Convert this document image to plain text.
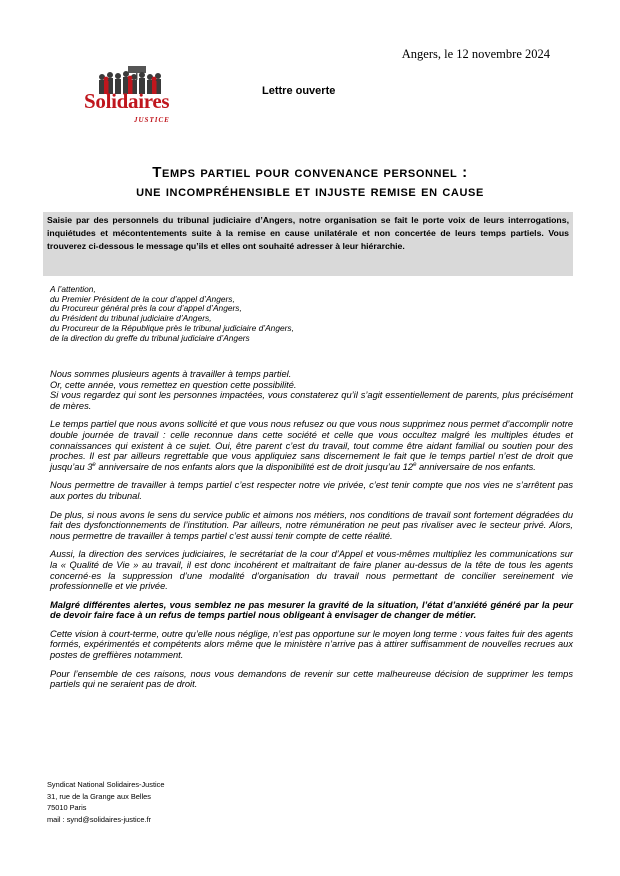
Angers, le 12 novembre 2024
Solidaires
JUSTICE
Lettre ouverte
Temps partiel pour convenance personnel :
une incompréhensible et injuste remise en cause
Saisie par des personnels du tribunal judiciaire d’Angers, notre organisation se fait le porte voix de leurs interrogations, inquiétudes et mécontentements suite à la remise en cause unilatérale et non concertée de leurs temps partiels. Vous trouverez ci-dessous le message qu’ils et elles ont souhaité adresser à leur hiérarchie.
A l’attention,
du Premier Président de la cour d’appel d’Angers,
du Procureur général près la cour d’appel d’Angers,
du Président du tribunal judiciaire d’Angers,
du Procureur de la République près le tribunal judiciaire d’Angers,
de la direction du greffe du tribunal judiciaire d’Angers

Nous sommes plusieurs agents à travailler à temps partiel.
Or, cette année, vous remettez en question cette possibilité.
Si vous regardez qui sont les personnes impactées, vous constaterez qu’il s’agit essentiellement de parents, plus précisément de mères.

Le temps partiel que nous avons sollicité et que vous nous refusez ou que vous nous supprimez nous permet d’accomplir notre double journée de travail : celle reconnue dans cette société et celle que vous occultez malgré les multiples études et connaissances qui existent à ce sujet. Oui, être parent c’est du travail, tout comme être aidant familial ou soutien pour des proches. Il est par ailleurs regrettable que vous appliquiez sans discernement le fait que le temps partiel n’est de droit que jusqu’au 3e anniversaire de nos enfants alors que la disponibilité est de droit jusqu’au 12e anniversaire de nos enfants.

Nous permettre de travailler à temps partiel c’est respecter notre vie privée, c’est tenir compte que nos vies ne s’arrêtent pas aux portes du tribunal.

De plus, si nous avons le sens du service public et aimons nos métiers, nos conditions de travail sont fortement dégradées du fait des dysfonctionnements de l’institution. Par ailleurs, notre rémunération ne peut pas rivaliser avec le secteur privé. Alors, nous permettre de travailler à temps partiel c’est aussi tenir compte de cette réalité.

Aussi, la direction des services judiciaires, le secrétariat de la cour d’Appel et vous-mêmes multipliez les communications sur la « Qualité de Vie » au travail, il est donc incohérent et maltraitant de faire planer au-dessus de la tête de tous les agents concerné·es la suppression d’une modalité d’organisation du travail nous permettant de concilier sereinement vie professionnelle et vie privée.

Malgré différentes alertes, vous semblez ne pas mesurer la gravité de la situation, l’état d’anxiété généré par la peur de devoir faire face à un refus de temps partiel nous obligeant à envisager de changer de métier.

Cette vision à court-terme, outre qu’elle nous néglige, n’est pas opportune sur le moyen long terme : vous faites fuir des agents formés, expérimentés et compétents alors même que le ministère n’arrive pas à attirer suffisamment de nouvelles recrues aux postes de greffières notamment.

Pour l’ensemble de ces raisons, nous vous demandons de revenir sur cette malheureuse décision de supprimer les temps partiels qui ne seraient pas de droit.

Syndicat National Solidaires-Justice
31, rue de la Grange aux Belles
75010 Paris
mail : synd@solidaires-justice.fr
